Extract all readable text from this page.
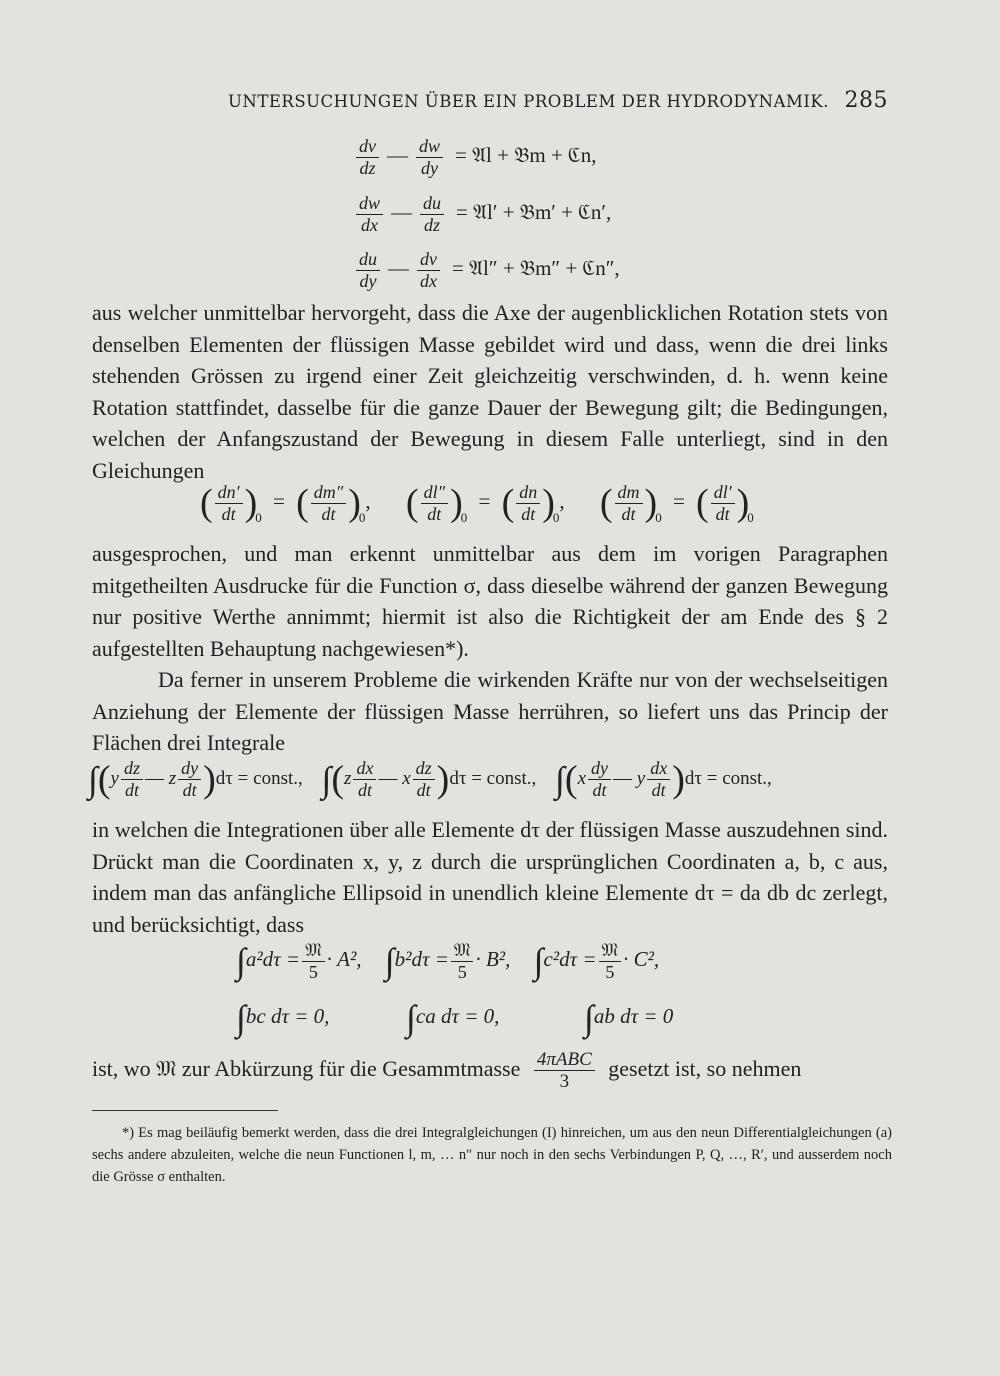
UNTERSUCHUNGEN ÜBER EIN PROBLEM DER HYDRODYNAMIK. 285
$\frac{dv}{dz}$ — $\frac{dw}{dy}$ = 𝔄l + 𝔅m + ℭn,
$\frac{dw}{dx}$ — $\frac{du}{dz}$ = 𝔄l′ + 𝔅m′ + ℭn′,
$\frac{du}{dy}$ — $\frac{dv}{dx}$ = 𝔄l″ + 𝔅m″ + ℭn″,

aus welcher unmittelbar hervorgeht, dass die Axe der augenblicklichen Rotation stets von denselben Elementen der flüssigen Masse gebildet wird und dass, wenn die drei links stehenden Grössen zu irgend einer Zeit gleichzeitig verschwinden, d. h. wenn keine Rotation stattfindet, dasselbe für die ganze Dauer der Bewegung gilt; die Bedingungen, welchen der Anfangszustand der Bewegung in diesem Falle unterliegt, sind in den Gleichungen

( $\frac{dn'}{dt} )_0$ = ( $\frac{dm''}{dt} )_0$, ( $\frac{dl''}{dt} )_0$ = ( $\frac{dn}{dt} )_0$, ( $\frac{dm}{dt} )_0$ = ( $\frac{dl'}{dt} )_0$

ausgesprochen, und man erkennt unmittelbar aus dem im vorigen Paragraphen mitgetheilten Ausdrucke für die Function σ, dass dieselbe während der ganzen Bewegung nur positive Werthe annimmt; hiermit ist also die Richtigkeit der am Ende des § 2 aufgestellten Behauptung nachgewiesen*).

Da ferner in unserem Probleme die wirkenden Kräfte nur von der wechselseitigen Anziehung der Elemente der flüssigen Masse herrühren, so liefert uns das Princip der Flächen drei Integrale

$\int(y \frac{dz}{dt}$ — z $\frac{dy}{dt} )d\tau$ = const., $\int(z \frac{dx}{dt}$ — x $\frac{dz}{dt} )d\tau$ = const., $\int(x \frac{dy}{dt}$ — y $\frac{dx}{dt} )d\tau$ = const.,

in welchen die Integrationen über alle Elemente dτ der flüssigen Masse auszudehnen sind. Drückt man die Coordinaten x, y, z durch die ursprünglichen Coordinaten a, b, c aus, indem man das anfängliche Ellipsoid in unendlich kleine Elemente dτ = da db dc zerlegt, und berücksichtigt, dass

$\int a^2d\tau = \frac{\text{𝔐}}{5} \cdot A^2$, $\int b^2d\tau = \frac{\text{𝔐}}{5} \cdot B^2$, $\int c^2d\tau = \frac{\text{𝔐}}{5} \cdot C^2$,
∫bc dτ = 0, ∫ca dτ = 0, ∫ab dτ = 0
ist, wo 𝔐 zur Abkürzung für die Gesammtmasse $\frac{\text{4πABC}}{3}$ gesetzt ist, so nehmen
*) Es mag beiläufig bemerkt werden, dass die drei Integralgleichungen (I) hinreichen, um aus den neun Differentialgleichungen (a) sechs andere abzuleiten, welche die neun Functionen l, m, … n″ nur noch in den sechs Verbindungen P, Q, …, R′, und ausserdem noch die Grösse σ enthalten.
